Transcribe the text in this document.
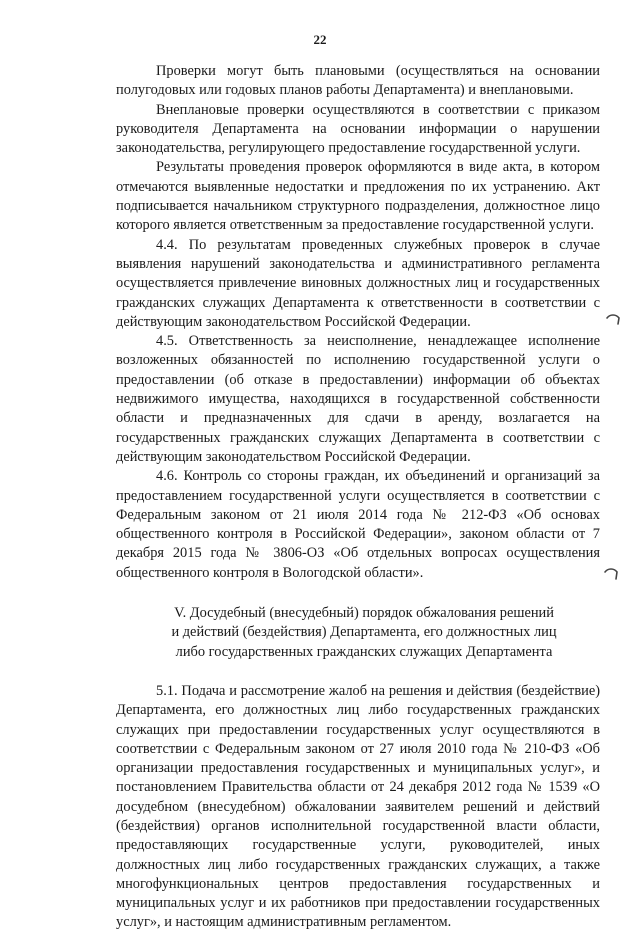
22

Проверки могут быть плановыми (осуществляться на основании полугодовых или годовых планов работы Департамента) и внеплановыми.

Внеплановые проверки осуществляются в соответствии с приказом руководителя Департамента на основании информации о нарушении законодательства, регулирующего предоставление государственной услуги.

Результаты проведения проверок оформляются в виде акта, в котором отмечаются выявленные недостатки и предложения по их устранению. Акт подписывается начальником структурного подразделения, должностное лицо которого является ответственным за предоставление государственной услуги.

4.4. По результатам проведенных служебных проверок в случае выявления нарушений законодательства и административного регламента осуществляется привлечение виновных должностных лиц и государственных гражданских служащих Департамента к ответственности в соответствии с действующим законодательством Российской Федерации.

4.5. Ответственность за неисполнение, ненадлежащее исполнение возложенных обязанностей по исполнению государственной услуги о предоставлении (об отказе в предоставлении) информации об объектах недвижимого имущества, находящихся в государственной собственности области и предназначенных для сдачи в аренду, возлагается на государственных гражданских служащих Департамента в соответствии с действующим законодательством Российской Федерации.

4.6. Контроль со стороны граждан, их объединений и организаций за предоставлением государственной услуги осуществляется в соответствии с Федеральным законом от 21 июля 2014 года № 212-ФЗ «Об основах общественного контроля в Российской Федерации», законом области от 7 декабря 2015 года № 3806-ОЗ «Об отдельных вопросах осуществления общественного контроля в Вологодской области».

V. Досудебный (внесудебный) порядок обжалования решений
и действий (бездействия) Департамента, его должностных лиц
либо государственных гражданских служащих Департамента

5.1. Подача и рассмотрение жалоб на решения и действия (бездействие) Департамента, его должностных лиц либо государственных гражданских служащих при предоставлении государственных услуг осуществляются в соответствии с Федеральным законом от 27 июля 2010 года № 210-ФЗ «Об организации предоставления государственных и муниципальных услуг», и постановлением Правительства области от 24 декабря 2012 года № 1539 «О досудебном (внесудебном) обжаловании заявителем решений и действий (бездействия) органов исполнительной государственной власти области, предоставляющих государственные услуги, руководителей, иных должностных лиц либо государственных гражданских служащих, а также многофункциональных центров предоставления государственных и муниципальных услуг и их работников при предоставлении государственных услуг», и настоящим административным регламентом.
